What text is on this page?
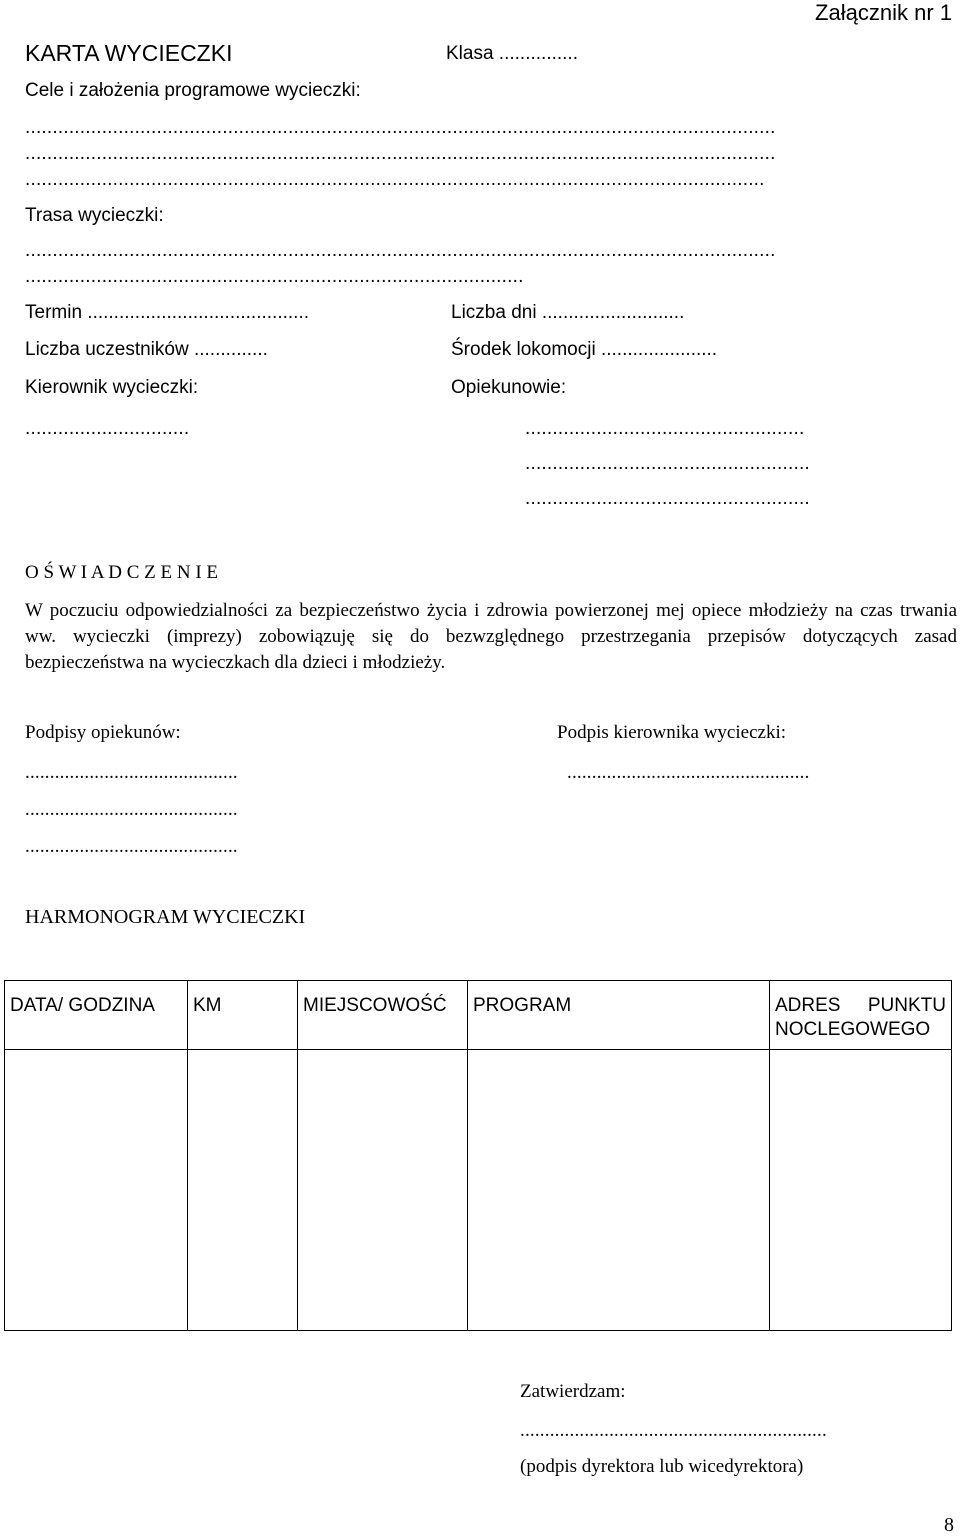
Załącznik nr 1
KARTA WYCIECZKI	Klasa ...............
Cele i założenia programowe wycieczki:
.........................................................................................................................................
.........................................................................................................................................
.......................................................................................................................................
Trasa wycieczki:
.........................................................................................................................................
...........................................................................................
Termin ..........................................	Liczba dni ...........................
Liczba uczestników ..............	Środek lokomocji ......................
Kierownik wycieczki:	Opiekunowie:
..............................	...................................................
....................................................
....................................................
O Ś W I A D C Z E N I E
W poczuciu odpowiedzialności za bezpieczeństwo życia i zdrowia powierzonej mej opiece młodzieży na czas trwania ww. wycieczki (imprezy) zobowiązuję się do bezwzględnego przestrzegania przepisów dotyczących zasad bezpieczeństwa na wycieczkach dla dzieci i młodzieży.
Podpisy opiekunów:	Podpis kierownika wycieczki:
...........................................	.................................................
...........................................
...........................................
HARMONOGRAM WYCIECZKI
DATA/ GODZINA	KM	MIEJSCOWOŚĆ	PROGRAM	ADRES PUNKTU NOCLEGOWEGO

Zatwierdzam:
..............................................................
(podpis dyrektora lub wicedyrektora)
8
